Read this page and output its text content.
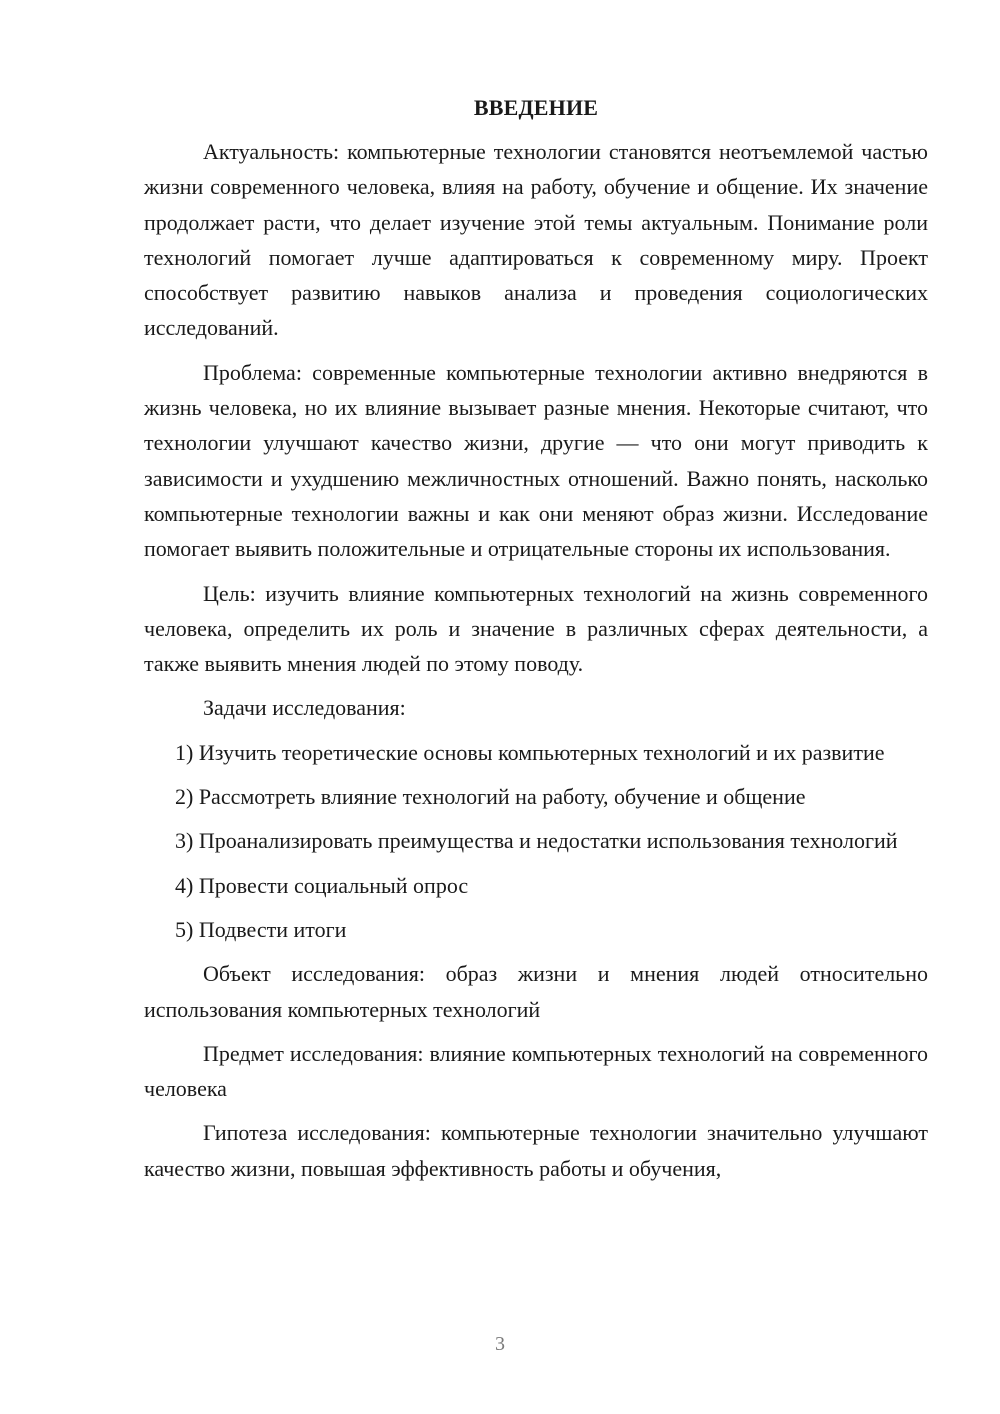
ВВЕДЕНИЕ

Актуальность: компьютерные технологии становятся неотъемлемой частью жизни современного человека, влияя на работу, обучение и общение. Их значение продолжает расти, что делает изучение этой темы актуальным. Понимание роли технологий помогает лучше адаптироваться к современному миру. Проект способствует развитию навыков анализа и проведения социологических исследований.

Проблема: современные компьютерные технологии активно внедряются в жизнь человека, но их влияние вызывает разные мнения. Некоторые считают, что технологии улучшают качество жизни, другие — что они могут приводить к зависимости и ухудшению межличностных отношений. Важно понять, насколько компьютерные технологии важны и как они меняют образ жизни. Исследование помогает выявить положительные и отрицательные стороны их использования.

Цель: изучить влияние компьютерных технологий на жизнь современного человека, определить их роль и значение в различных сферах деятельности, а также выявить мнения людей по этому поводу.

Задачи исследования:

1) Изучить теоретические основы компьютерных технологий и их развитие

2) Рассмотреть влияние технологий на работу, обучение и общение

3) Проанализировать преимущества и недостатки использования технологий

4) Провести социальный опрос

5) Подвести итоги

Объект исследования: образ жизни и мнения людей относительно использования компьютерных технологий

Предмет исследования: влияние компьютерных технологий на современного человека

Гипотеза исследования: компьютерные технологии значительно улучшают качество жизни, повышая эффективность работы и обучения,

3
